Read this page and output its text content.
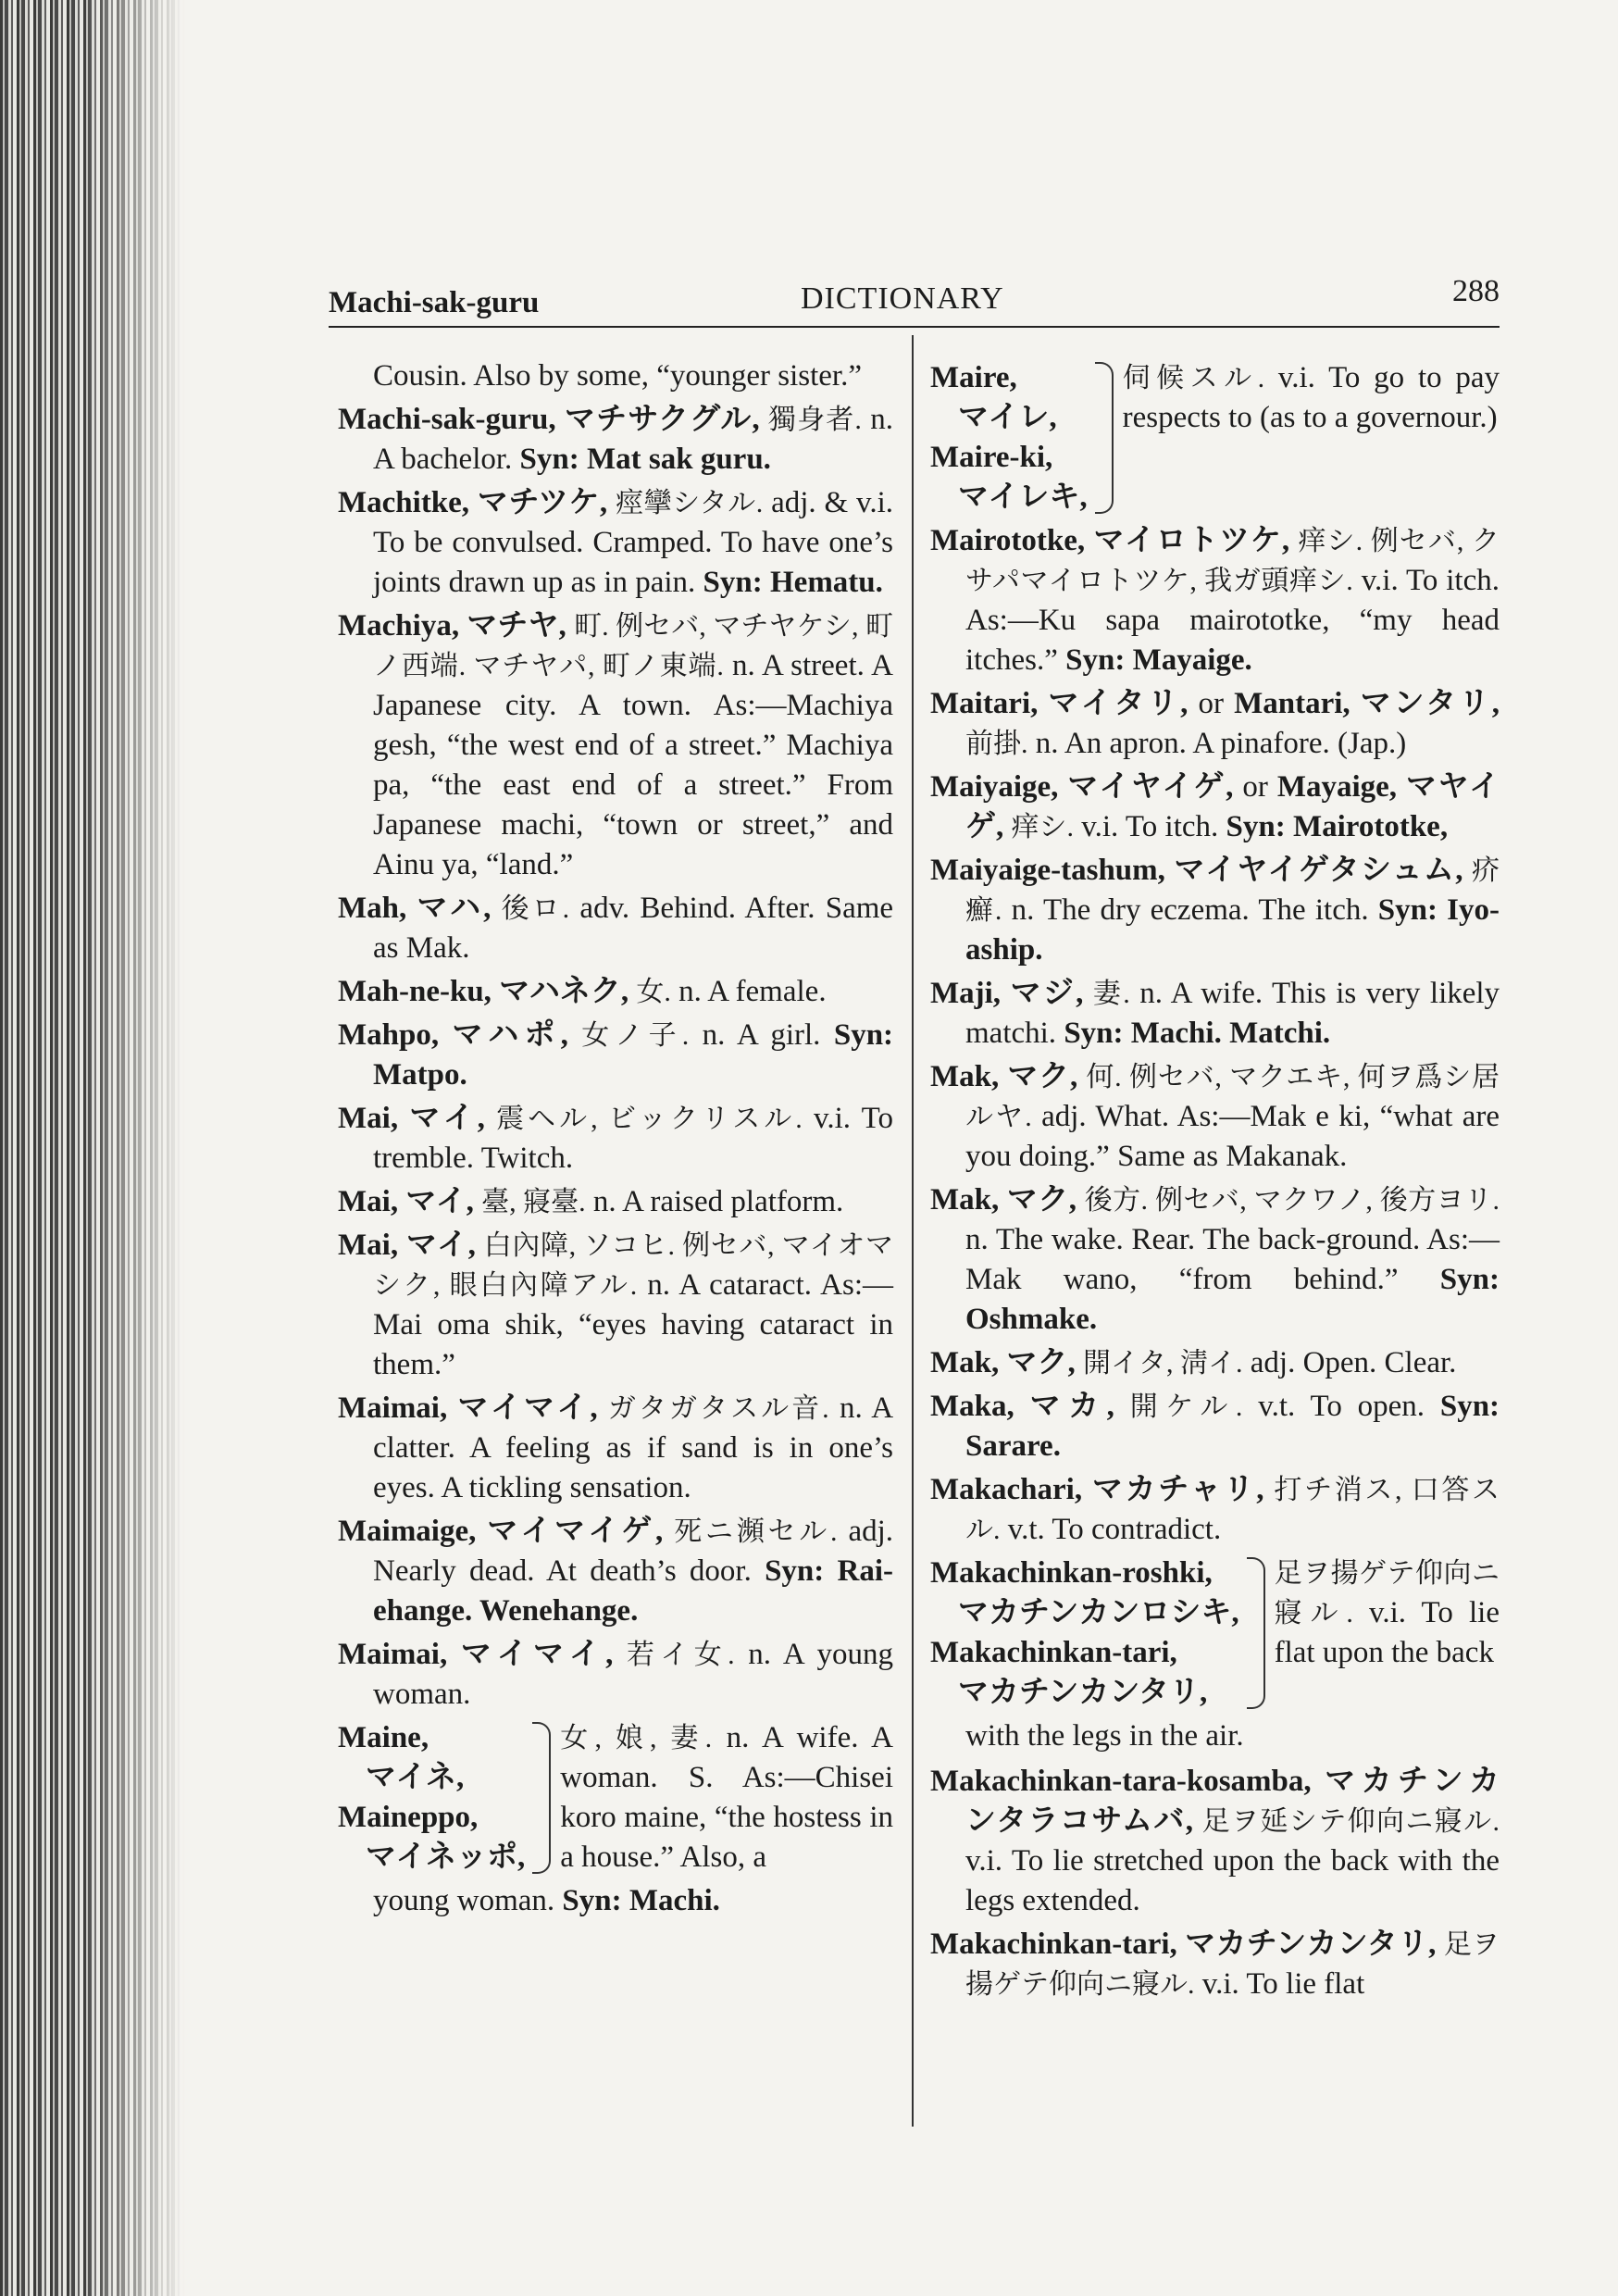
Machi-sak-guru	DICTIONARY	288

Cousin. Also by some, “younger sister.”

Machi-sak-guru, マチサクグル, 獨身者. n. A bachelor. Syn: Mat sak guru.

Machitke, マチツケ, 痙攣シタル. adj. & v.i. To be convulsed. Cramped. To have one’s joints drawn up as in pain. Syn: Hematu.

Machiya, マチヤ, 町. 例セバ, マチヤケシ, 町ノ西端. マチヤパ, 町ノ東端. n. A street. A Japanese city. A town. As:—Machiya gesh, “the west end of a street.” Machiya pa, “the east end of a street.” From Japanese machi, “town or street,” and Ainu ya, “land.”

Mah, マハ, 後ロ. adv. Behind. After. Same as Mak.

Mah-ne-ku, マハネク, 女. n. A female.

Mahpo, マハポ, 女ノ子. n. A girl. Syn: Matpo.

Mai, マイ, 震ヘル, ビックリスル. v.i. To tremble. Twitch.

Mai, マイ, 臺, 寢臺. n. A raised platform.

Mai, マイ, 白內障, ソコヒ. 例セバ, マイオマシク, 眼白內障アル. n. A cataract. As:—Mai oma shik, “eyes having cataract in them.”

Maimai, マイマイ, ガタガタスル音. n. A clatter. A feeling as if sand is in one’s eyes. A tickling sensation.

Maimaige, マイマイゲ, 死ニ瀕セル. adj. Nearly dead. At death’s door. Syn: Rai-ehange. Wenehange.

Maimai, マイマイ, 若イ女. n. A young woman.

Maine,
マイネ,
Maineppo,
マイネッポ,
女, 娘, 妻. n. A wife. A woman. S. As:—Chisei koro maine, “the hostess in a house.” Also, a
young woman. Syn: Machi.
Maire,
マイレ,
Maire-ki,
マイレキ,
伺候スル. v.i. To go to pay respects to (as to a governour.)

Mairototke, マイロトツケ, 痒シ. 例セバ, クサパマイロトツケ, 我ガ頭痒シ. v.i. To itch. As:—Ku sapa mairototke, “my head itches.” Syn: Mayaige.

Maitari, マイタリ, or Mantari, マンタリ, 前掛. n. An apron. A pinafore. (Jap.)

Maiyaige, マイヤイゲ, or Mayaige, マヤイゲ, 痒シ. v.i. To itch. Syn: Mairototke,

Maiyaige-tashum, マイヤイゲタシュム, 疥癬. n. The dry eczema. The itch. Syn: Iyo-aship.

Maji, マジ, 妻. n. A wife. This is very likely matchi. Syn: Machi. Matchi.

Mak, マク, 何. 例セバ, マクエキ, 何ヲ爲シ居ルヤ. adj. What. As:—Mak e ki, “what are you doing.” Same as Makanak.

Mak, マク, 後方. 例セバ, マクワノ, 後方ヨリ. n. The wake. Rear. The back-ground. As:—Mak wano, “from behind.” Syn: Oshmake.

Mak, マク, 開イタ, 淸イ. adj. Open. Clear.

Maka, マカ, 開ケル. v.t. To open. Syn: Sarare.

Makachari, マカチャリ, 打チ消ス, 口答スル. v.t. To contradict.

Makachinkan-roshki,
マカチンカンロシキ,
Makachinkan-tari,
マカチンカンタリ,
足ヲ揚ゲテ仰向ニ寢ル. v.i. To lie flat upon the back
with the legs in the air.

Makachinkan-tara-kosamba, マカチンカンタラコサムバ, 足ヲ延シテ仰向ニ寢ル. v.i. To lie stretched upon the back with the legs extended.

Makachinkan-tari, マカチンカンタリ, 足ヲ揚ゲテ仰向ニ寢ル. v.i. To lie flat
